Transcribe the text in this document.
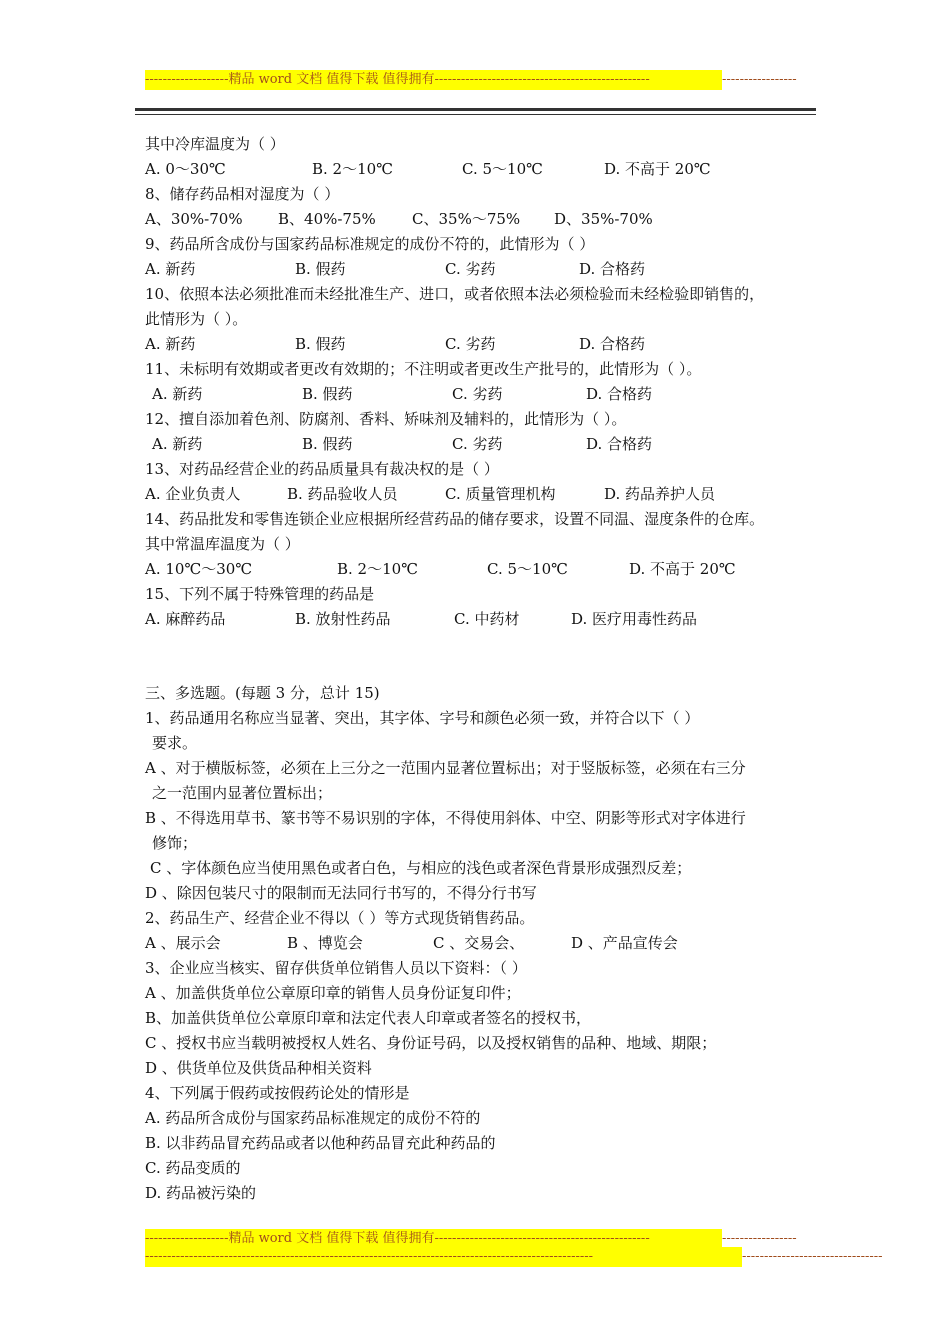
-------------------精品 word 文档 值得下载 值得拥有-------------------------------------------------	-----------------
其中冷库温度为（ ）
A. 0～30℃	B. 2～10℃	C. 5～10℃	D. 不高于 20℃
8、储存药品相对湿度为（ ）
A、30%-70% B、40%-75% C、35%～75% D、35%-70%
9、药品所含成份与国家药品标准规定的成份不符的，此情形为（ ）
A. 新药	B. 假药	C. 劣药	D. 合格药
10、依照本法必须批准而未经批准生产、进口，或者依照本法必须检验而未经检验即销售的，
此情形为（ ）。
A. 新药	B. 假药	C. 劣药	D. 合格药
11、未标明有效期或者更改有效期的；不注明或者更改生产批号的，此情形为（ ）。
A. 新药	B. 假药	C. 劣药	D. 合格药
12、擅自添加着色剂、防腐剂、香料、矫味剂及辅料的，此情形为（ ）。
A. 新药	B. 假药	C. 劣药	D. 合格药
13、对药品经营企业的药品质量具有裁决权的是（ ）
A. 企业负责人	B. 药品验收人员	C. 质量管理机构	D. 药品养护人员
14、药品批发和零售连锁企业应根据所经营药品的储存要求，设置不同温、湿度条件的仓库。
其中常温库温度为（ ）
A. 10℃～30℃	B. 2～10℃	C. 5～10℃	D. 不高于 20℃
15、下列不属于特殊管理的药品是
A. 麻醉药品	B. 放射性药品	C. 中药材	D. 医疗用毒性药品
三、多选题。(每题 3 分，总计 15)
1、药品通用名称应当显著、突出，其字体、字号和颜色必须一致，并符合以下（ ）
要求。
A 、对于横版标签，必须在上三分之一范围内显著位置标出；对于竖版标签，必须在右三分
之一范围内显著位置标出；
B 、不得选用草书、篆书等不易识别的字体，不得使用斜体、中空、阴影等形式对字体进行
修饰；
C 、字体颜色应当使用黑色或者白色，与相应的浅色或者深色背景形成强烈反差；
D 、除因包装尺寸的限制而无法同行书写的，不得分行书写
2、药品生产、经营企业不得以（ ）等方式现货销售药品。
A 、展示会	B 、博览会	C 、交易会、	D 、产品宣传会
3、企业应当核实、留存供货单位销售人员以下资料：（ ）
A 、加盖供货单位公章原印章的销售人员身份证复印件；
B、加盖供货单位公章原印章和法定代表人印章或者签名的授权书，
C 、授权书应当载明被授权人姓名、身份证号码，以及授权销售的品种、地域、期限；
D 、供货单位及供货品种相关资料
4、下列属于假药或按假药论处的情形是
A. 药品所含成份与国家药品标准规定的成份不符的
B. 以非药品冒充药品或者以他种药品冒充此种药品的
C. 药品变质的
D. 药品被污染的
-------------------精品 word 文档 值得下载 值得拥有-------------------------------------------------	-----------------
------------------------------------------------------------------------------------------------------	--------------------------------
